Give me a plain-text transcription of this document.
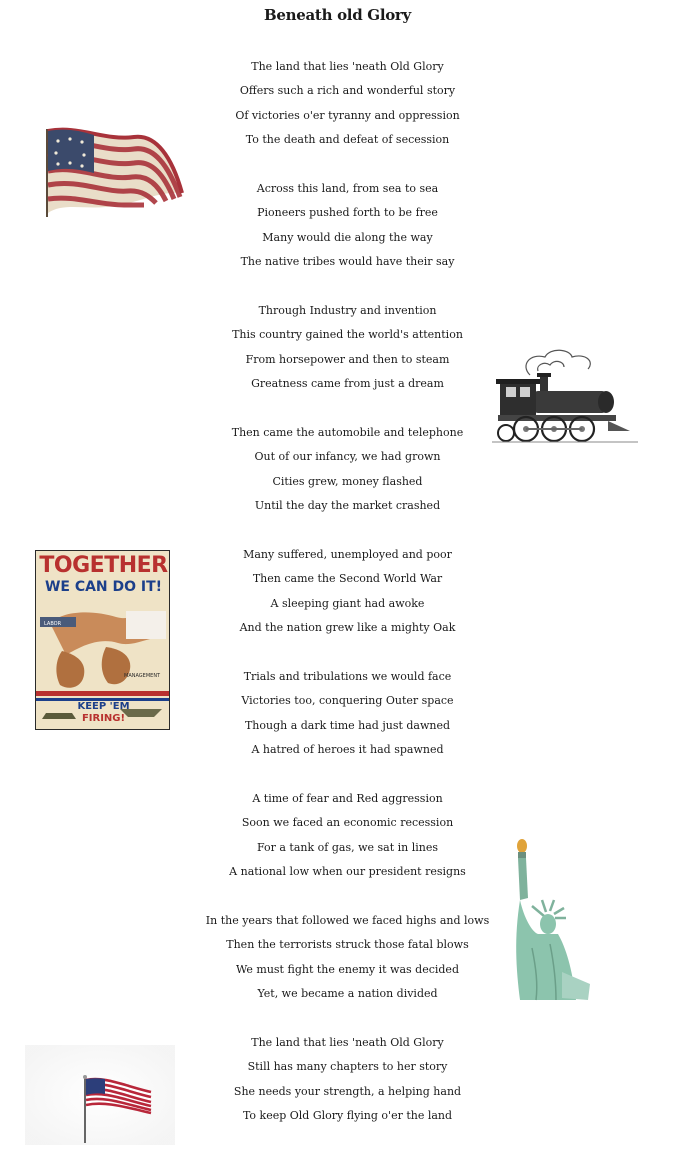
Beneath old Glory
The land that lies 'neath Old Glory
Offers such a rich and wonderful story
Of victories o'er tyranny and oppression
To the death and defeat of secession
Across this land, from sea to sea
Pioneers pushed forth to be free
Many would die along the way
The native tribes would have their say
Through Industry and invention
This country gained the world's attention
From horsepower and then to steam
Greatness came from just a dream
Then came the automobile and telephone
Out of our infancy, we had grown
Cities grew, money flashed
Until the day the market crashed
Many suffered, unemployed and poor
Then came the Second World War
A sleeping giant had awoke
And the nation grew like a mighty Oak
Trials and tribulations we would face
Victories too, conquering Outer space
Though a dark time had just dawned
A hatred of heroes it had spawned
A time of fear and Red aggression
Soon we faced an economic recession
For a tank of gas, we sat in lines
A national low when our president resigns
In the years that followed we faced highs and lows
Then the terrorists struck those fatal blows
We must fight the enemy it was decided
Yet, we became a nation divided
The land that lies 'neath Old Glory
Still has many chapters to her story
She needs your strength, a helping hand
To keep Old Glory flying o'er the land
TOGETHER
WE CAN DO IT!
LABOR
MANAGEMENT
KEEP 'EM
FIRING!
